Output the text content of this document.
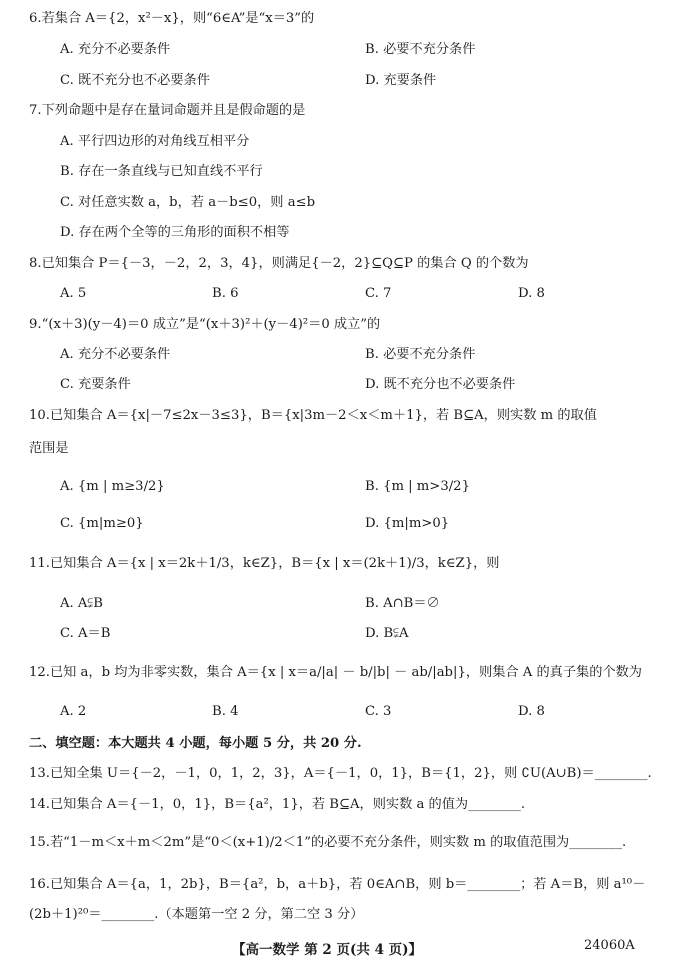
6.若集合 A＝{2，x²－x}，则“6∈A”是“x＝3”的
A. 充分不必要条件	B. 必要不充分条件
C. 既不充分也不必要条件	D. 充要条件
7.下列命题中是存在量词命题并且是假命题的是
A. 平行四边形的对角线互相平分
B. 存在一条直线与已知直线不平行
C. 对任意实数 a，b，若 a－b≤0，则 a≤b
D. 存在两个全等的三角形的面积不相等
8.已知集合 P＝{－3，－2，2，3，4}，则满足{－2，2}⊆Q⊆P 的集合 Q 的个数为
A. 5	B. 6	C. 7	D. 8
9.“(x＋3)(y－4)＝0 成立”是“(x＋3)²＋(y－4)²＝0 成立”的
A. 充分不必要条件	B. 必要不充分条件
C. 充要条件	D. 既不充分也不必要条件
10.已知集合 A＝{x|－7≤2x－3≤3}，B＝{x|3m－2＜x＜m＋1}，若 B⊆A，则实数 m 的取值
范围是
A. {m | m≥3/2}	B. {m | m>3/2}
C. {m|m≥0}	D. {m|m>0}
11.已知集合 A＝{x | x＝2k＋1/3，k∈Z}，B＝{x | x＝(2k＋1)/3，k∈Z}，则
A. A⫋B	B. A∩B＝∅
C. A＝B	D. B⫋A
12.已知 a，b 均为非零实数，集合 A＝{x | x＝a/|a| － b/|b| － ab/|ab|}，则集合 A 的真子集的个数为
A. 2	B. 4	C. 3	D. 8
二、填空题：本大题共 4 小题，每小题 5 分，共 20 分.
13.已知全集 U＝{－2，－1，0，1，2，3}，A＝{－1，0，1}，B＝{1，2}，则 ∁U(A∪B)＝________.
14.已知集合 A＝{－1，0，1}，B＝{a²，1}，若 B⊆A，则实数 a 的值为________.
15.若“1－m＜x＋m＜2m”是“0＜(x+1)/2＜1”的必要不充分条件，则实数 m 的取值范围为________.
16.已知集合 A＝{a，1，2b}，B＝{a²，b，a＋b}，若 0∈A∩B，则 b＝________；若 A＝B，则 a¹⁰－
(2b＋1)²⁰＝________.（本题第一空 2 分，第二空 3 分）
【高一数学 第 2 页(共 4 页)】	24060A
